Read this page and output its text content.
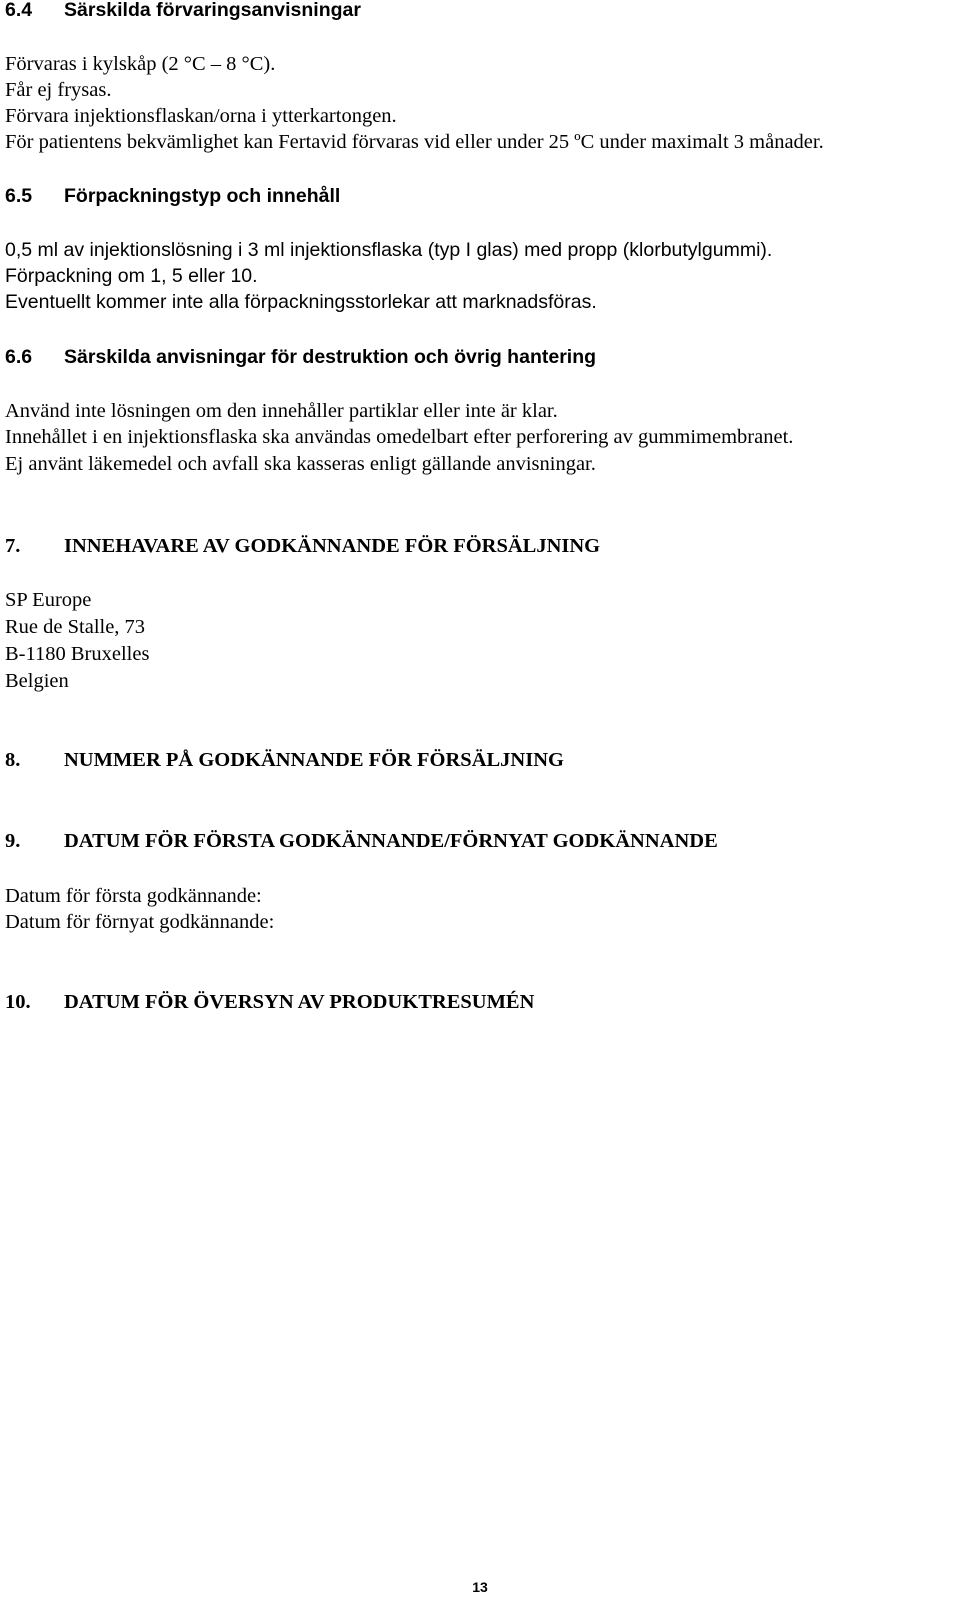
6.4 Särskilda förvaringsanvisningar
Förvaras i kylskåp (2 °C – 8 °C).
Får ej frysas.
Förvara injektionsflaskan/orna i ytterkartongen.
För patientens bekvämlighet kan Fertavid förvaras vid eller under 25 ºC under maximalt 3 månader.
6.5 Förpackningstyp och innehåll
0,5 ml av injektionslösning i 3 ml injektionsflaska (typ I glas) med propp (klorbutylgummi).
Förpackning om 1, 5 eller 10.
Eventuellt kommer inte alla förpackningsstorlekar att marknadsföras.
6.6 Särskilda anvisningar för destruktion och övrig hantering
Använd inte lösningen om den innehåller partiklar eller inte är klar.
Innehållet i en injektionsflaska ska användas omedelbart efter perforering av gummimembranet.
Ej använt läkemedel och avfall ska kasseras enligt gällande anvisningar.
7. INNEHAVARE AV GODKÄNNANDE FÖR FÖRSÄLJNING
SP Europe
Rue de Stalle, 73
B-1180 Bruxelles
Belgien
8. NUMMER PÅ GODKÄNNANDE FÖR FÖRSÄLJNING
9. DATUM FÖR FÖRSTA GODKÄNNANDE/FÖRNYAT GODKÄNNANDE
Datum för första godkännande:
Datum för förnyat godkännande:
10. DATUM FÖR ÖVERSYN AV PRODUKTRESUMÉN
13
